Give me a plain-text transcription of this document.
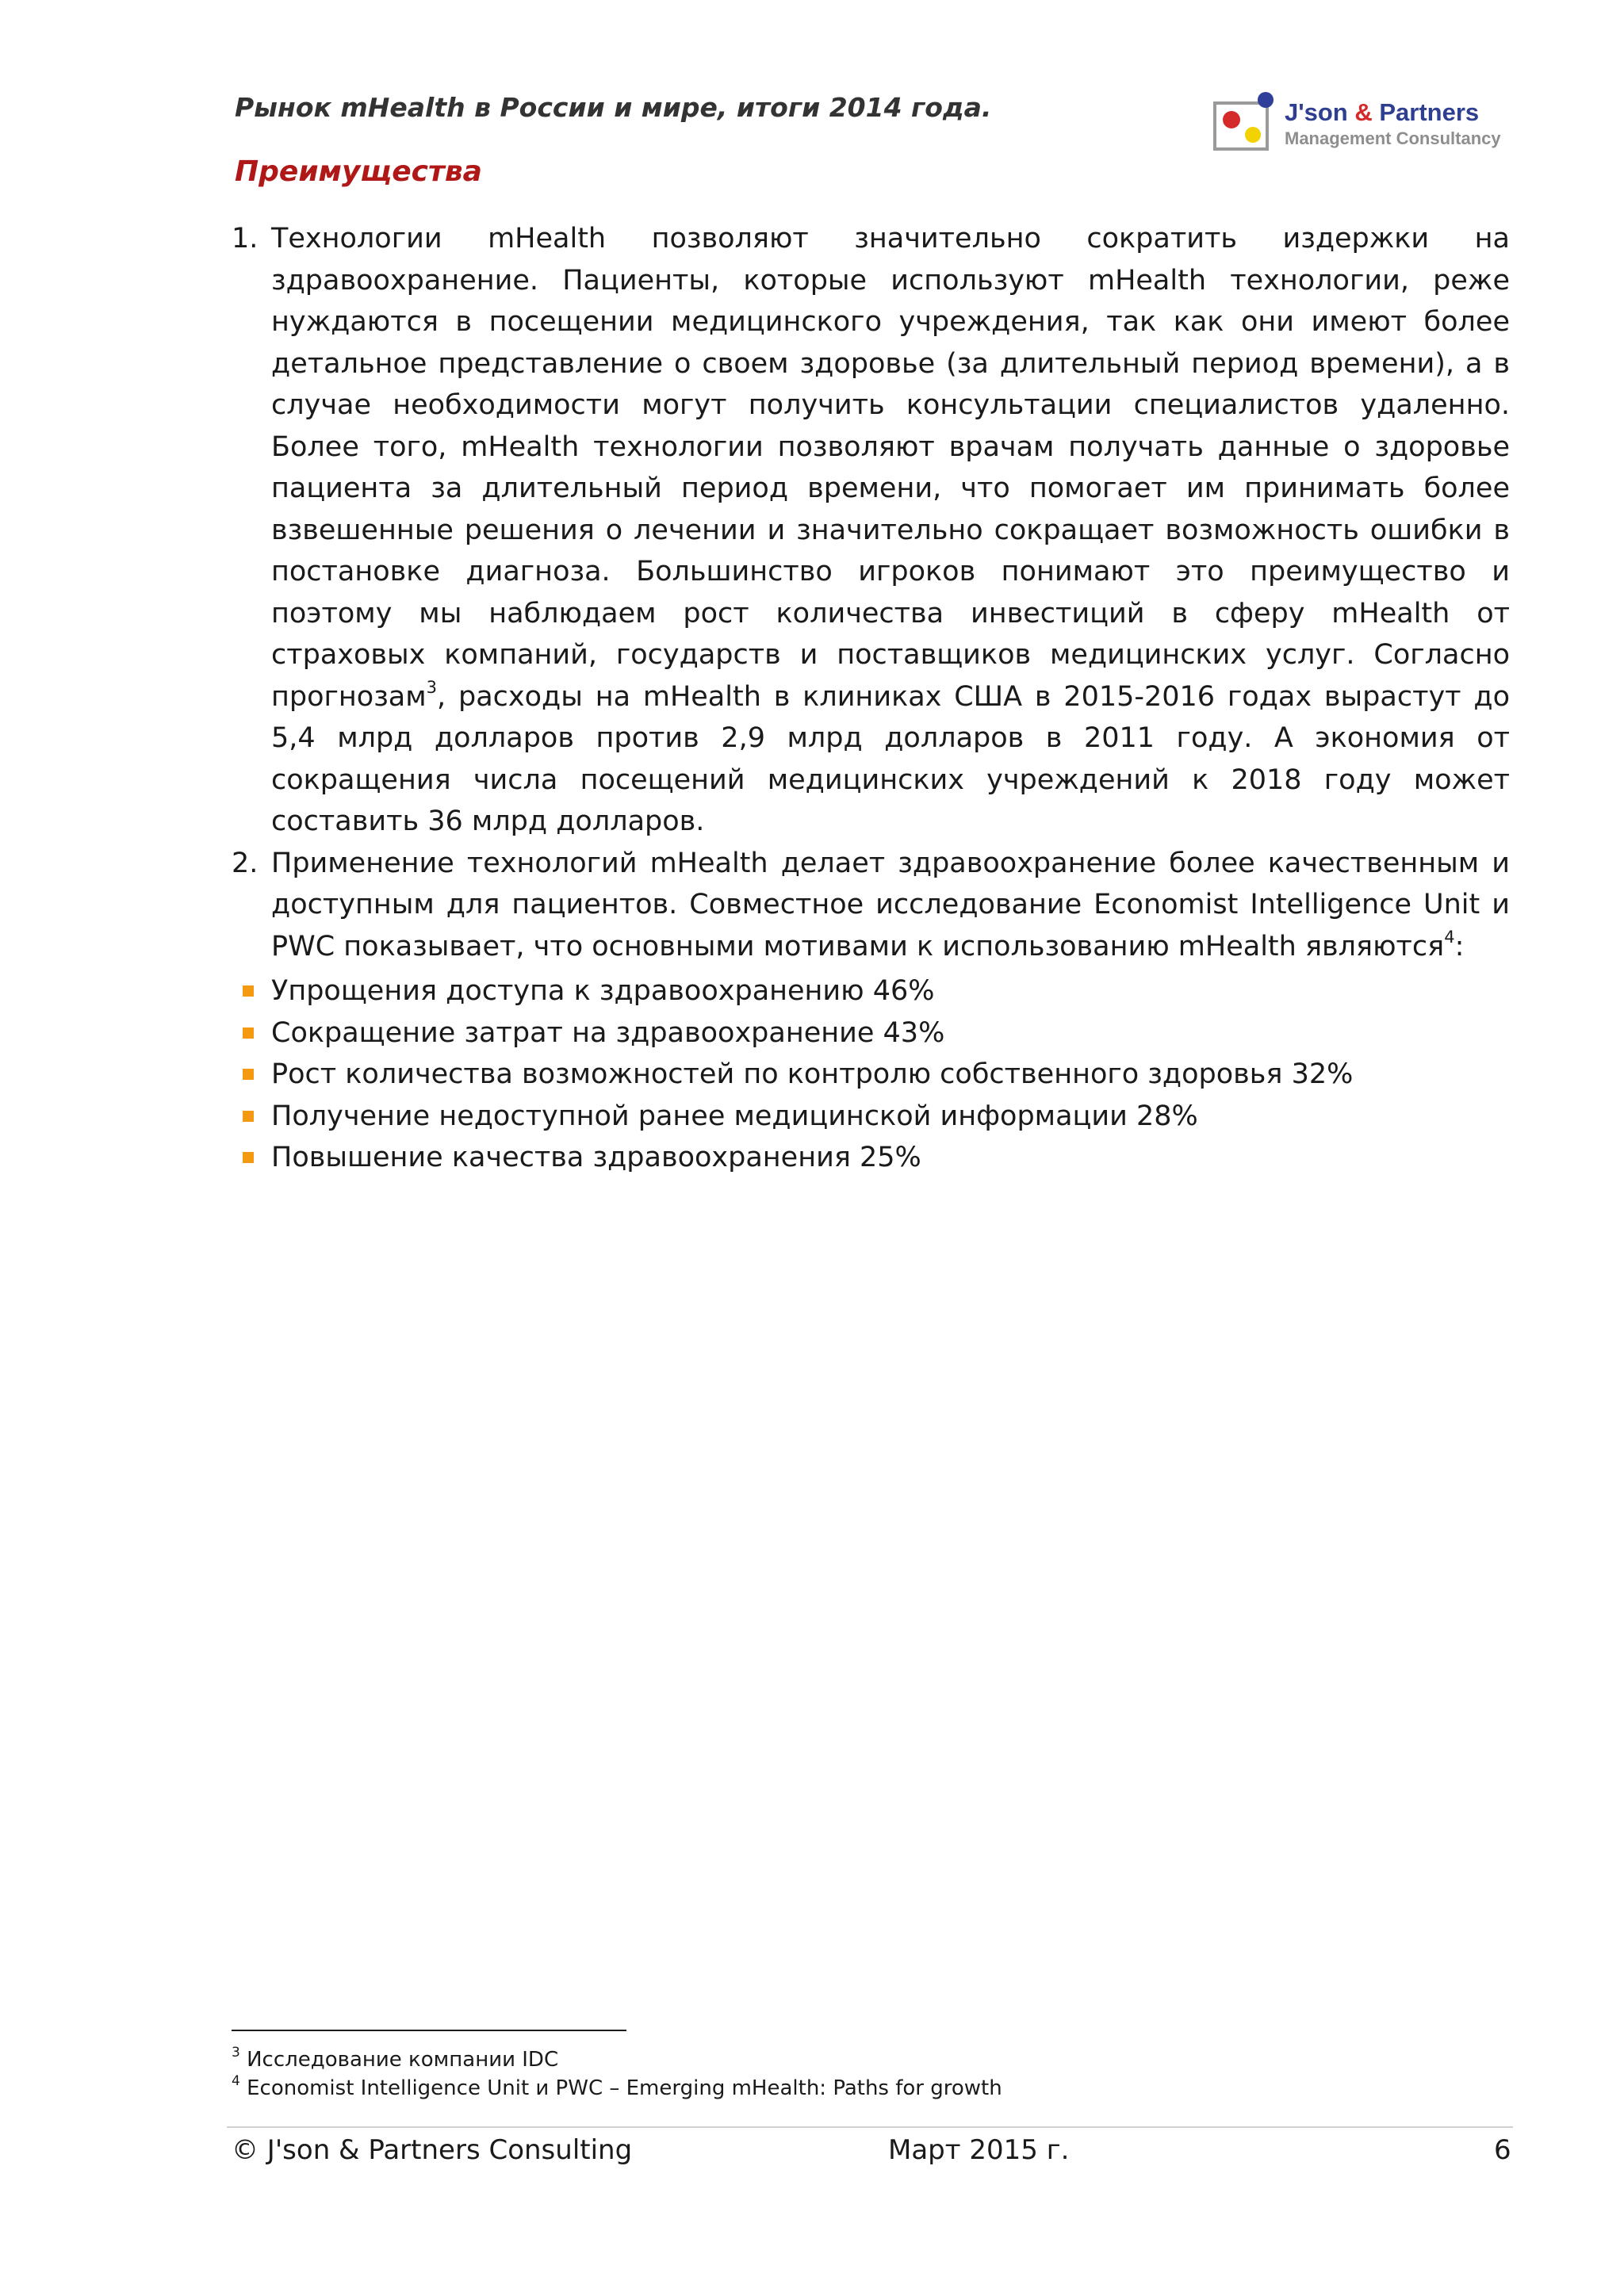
Рынок mHealth в России и мире, итоги 2014 года.	J'son & Partners
Management Consultancy
Преимущества
1. Технологии mHealth позволяют значительно сократить издержки на здравоохранение. Пациенты, которые используют mHealth технологии, реже нуждаются в посещении медицинского учреждения, так как они имеют более детальное представление о своем здоровье (за длительный период времени), а в случае необходимости могут получить консультации специалистов удаленно. Более того, mHealth технологии позволяют врачам получать данные о здоровье пациента за длительный период времени, что помогает им принимать более взвешенные решения о лечении и значительно сокращает возможность ошибки в постановке диагноза. Большинство игроков понимают это преимущество и поэтому мы наблюдаем рост количества инвестиций в сферу mHealth от страховых компаний, государств и поставщиков медицинских услуг. Согласно прогнозам$^3$, расходы на mHealth в клиниках США в 2015-2016 годах вырастут до 5,4 млрд долларов против 2,9 млрд долларов в 2011 году. А экономия от сокращения числа посещений медицинских учреждений к 2018 году может составить 36 млрд долларов.
2. Применение технологий mHealth делает здравоохранение более качественным и доступным для пациентов. Совместное исследование Economist Intelligence Unit и PWC показывает, что основными мотивами к использованию mHealth являются$^4$:
Упрощения доступа к здравоохранению 46%
Сокращение затрат на здравоохранение 43%
Рост количества возможностей по контролю собственного здоровья 32%
Получение недоступной ранее медицинской информации 28%
Повышение качества здравоохранения 25%
$^3$ Исследование компании IDC
$^4$ Economist Intelligence Unit и PWC – Emerging mHealth: Paths for growth
© J'son & Partners Consulting	Март 2015 г.	6
